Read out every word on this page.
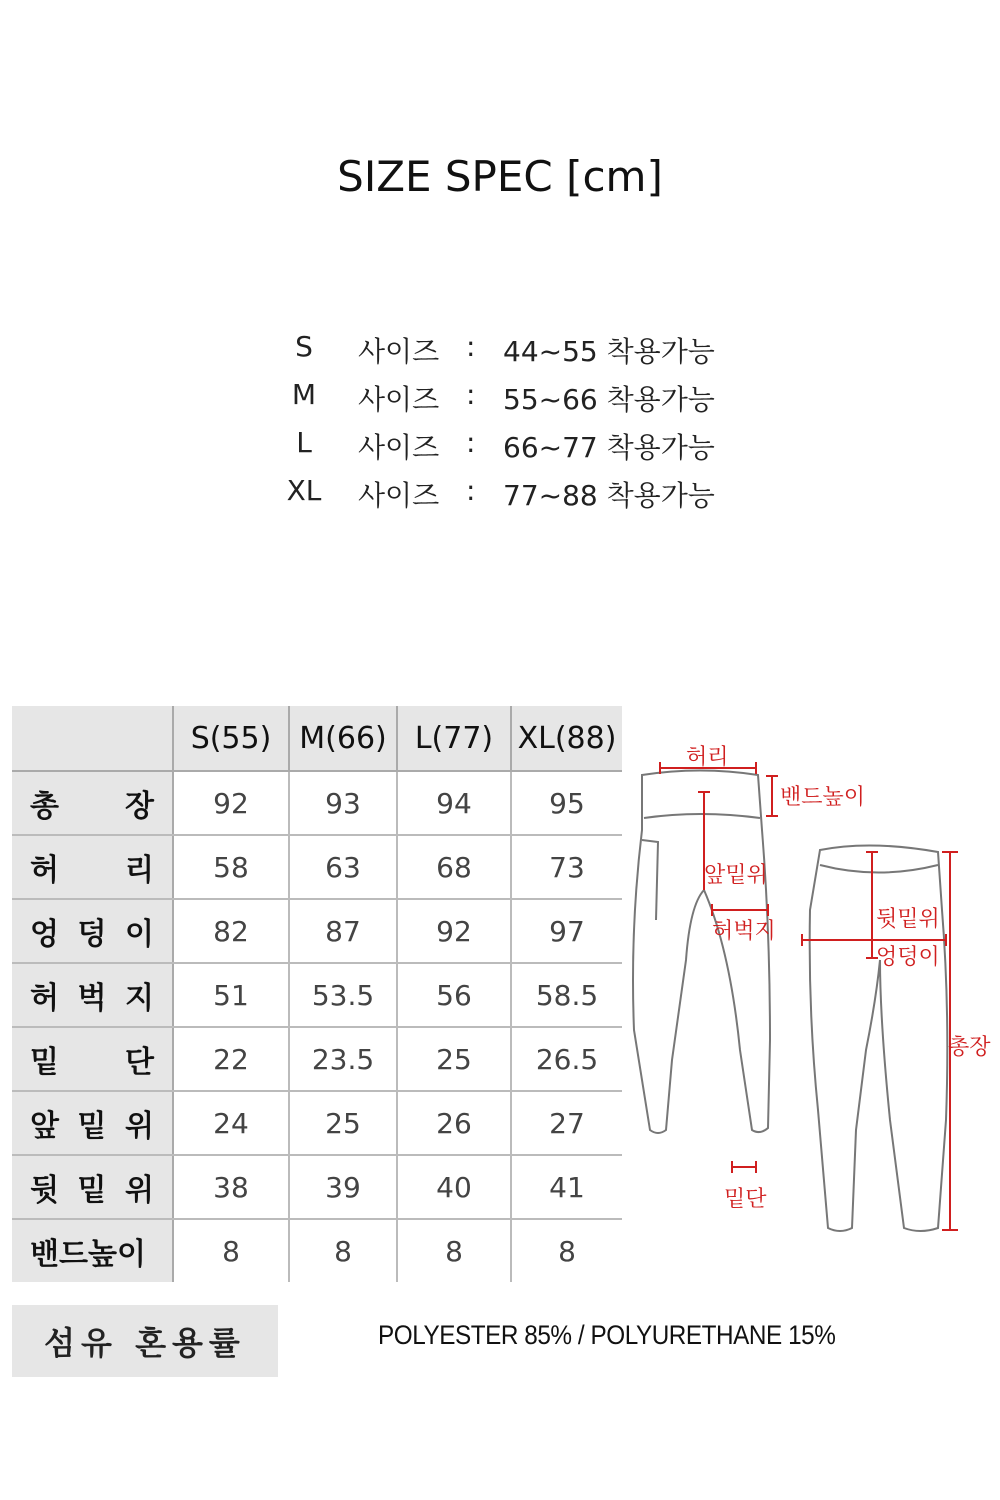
SIZE SPEC [cm]
S	사이즈 : 44~55 착용가능
M	사이즈 : 55~66 착용가능
L	사이즈 : 66~77 착용가능
XL	사이즈 : 77~88 착용가능
	S(55)	M(66)	L(77)	XL(88)
총 장	92	93	94	95
허 리	58	63	68	73
엉 덩 이	82	87	92	97
허 벅 지	51	53.5	56	58.5
밑 단	22	23.5	25	26.5
앞 밑 위	24	25	26	27
뒷 밑 위	38	39	40	41
밴드높이	8	8	8	8
허리
밴드높이
앞밑위
허벅지
밑단
뒷밑위
엉덩이
총장
섬유 혼용률	POLYESTER 85% / POLYURETHANE 15%
